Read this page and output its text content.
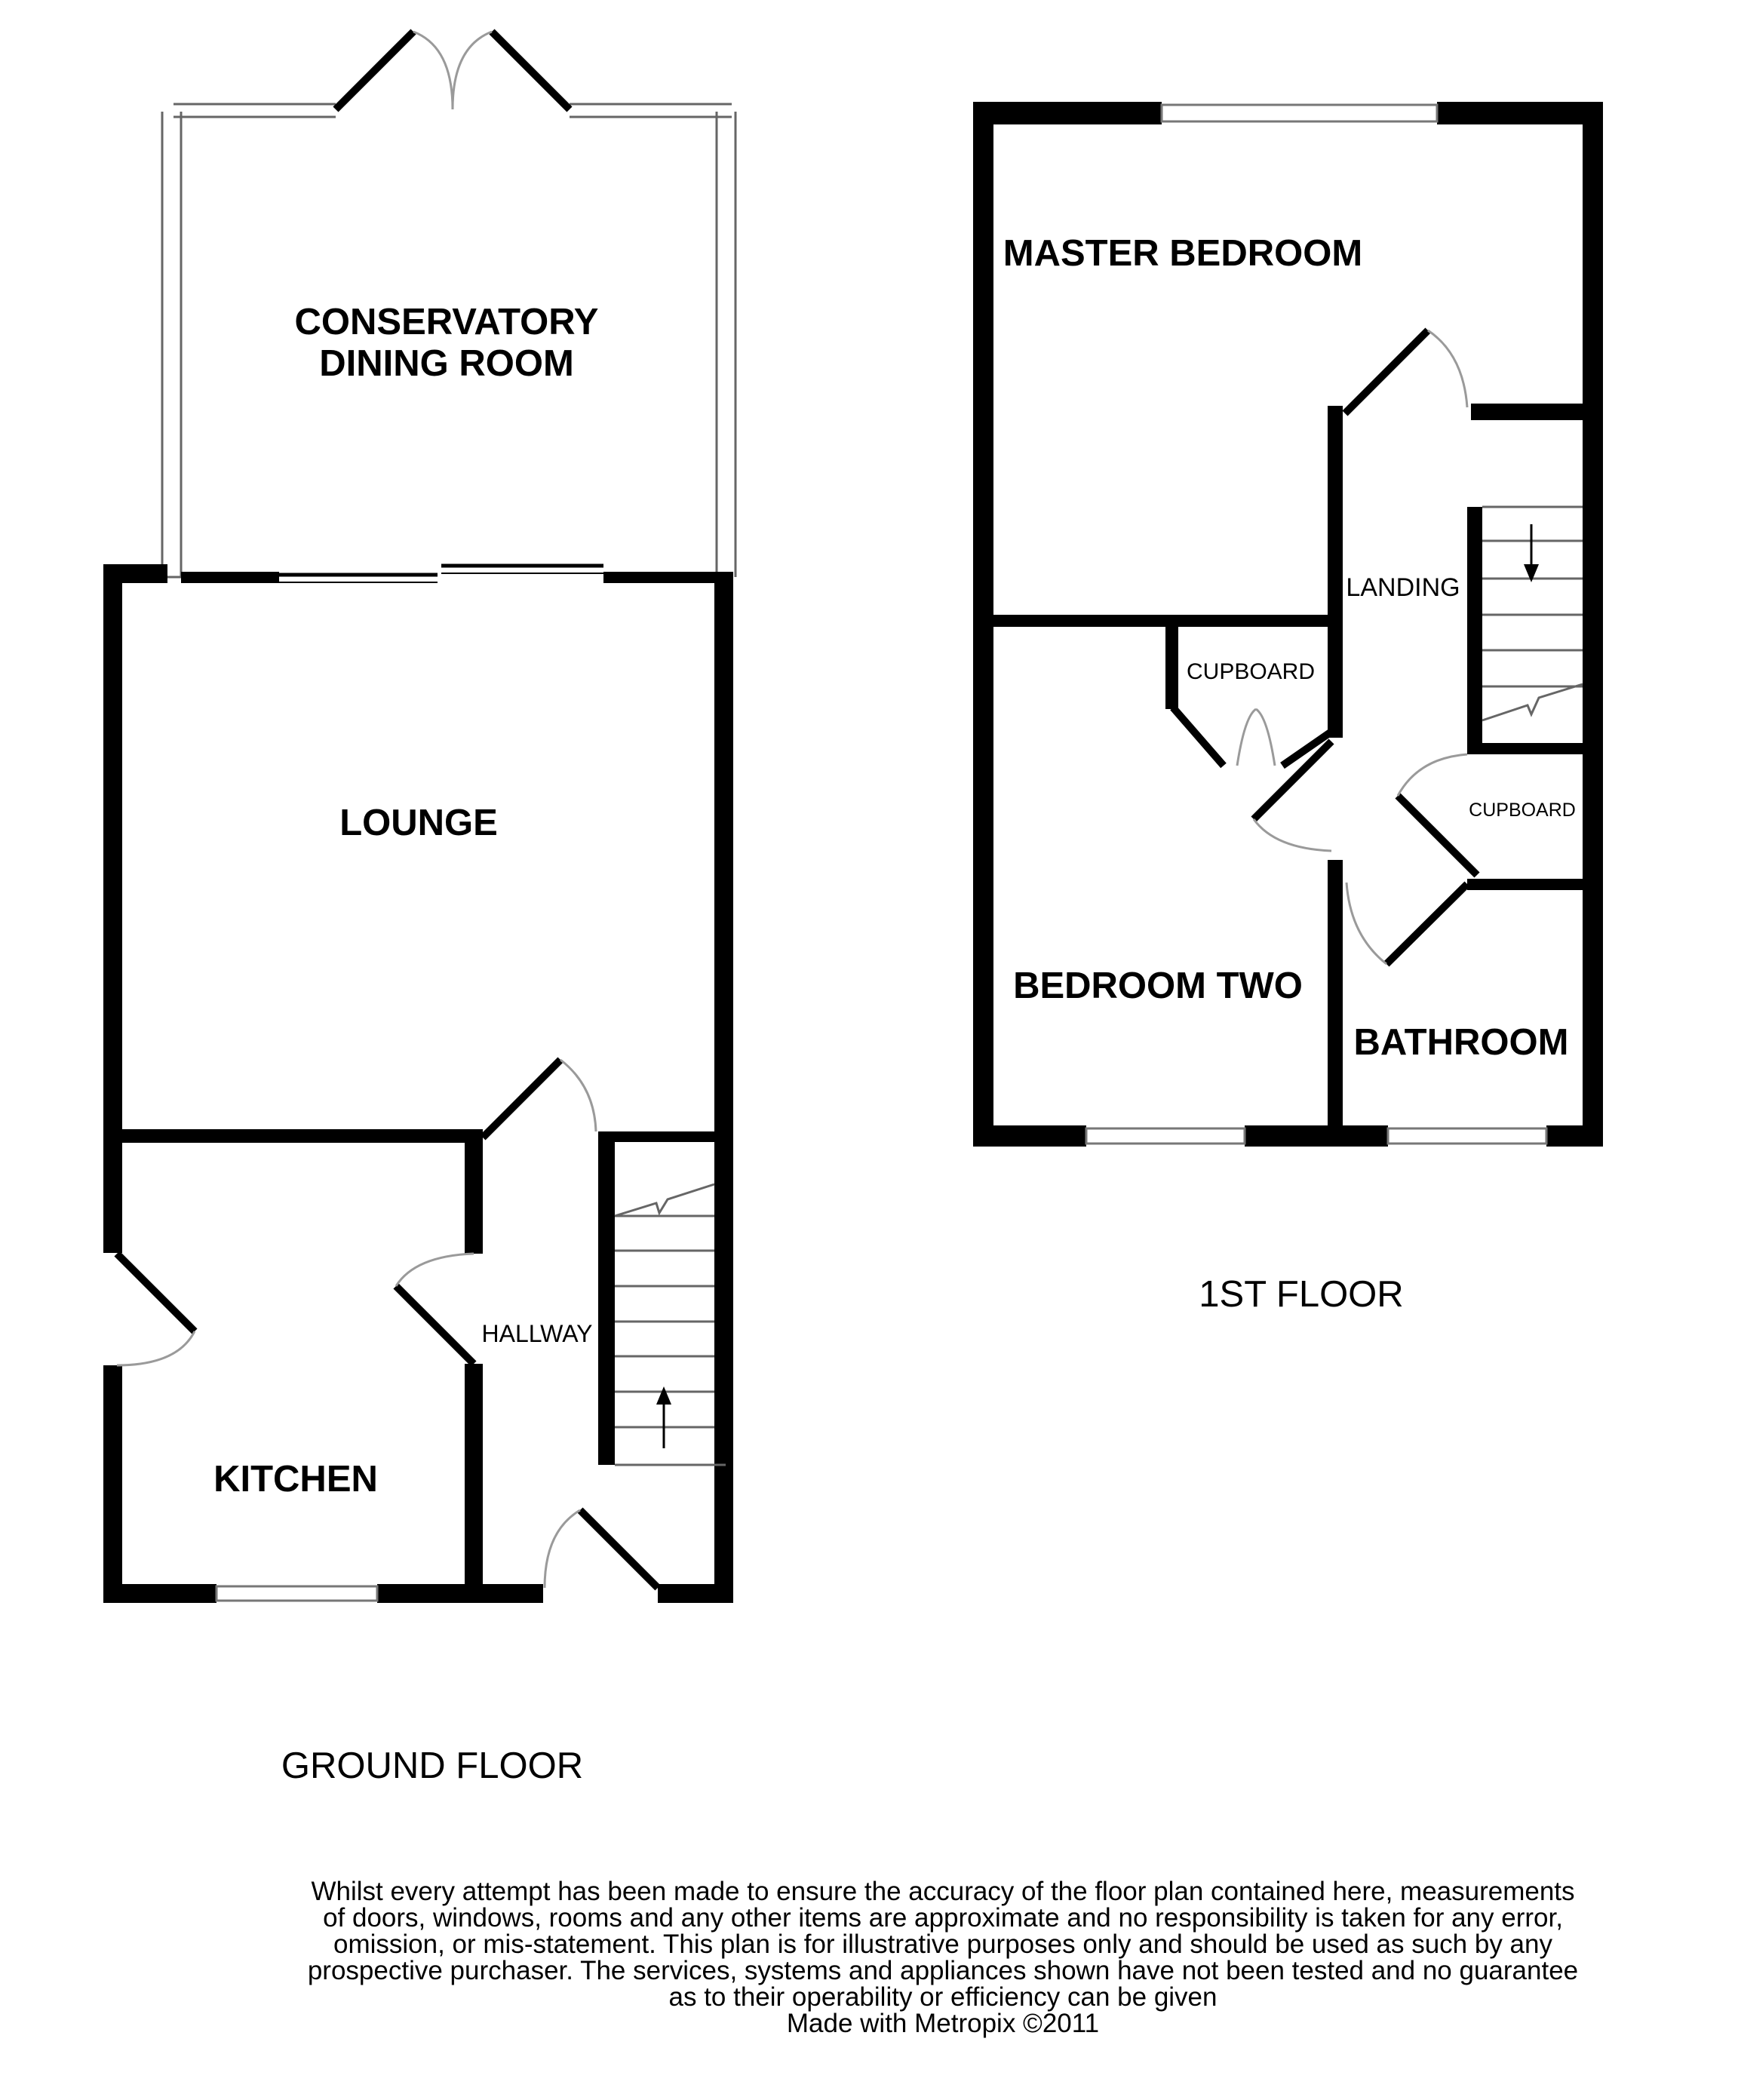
CONSERVATORY
DINING ROOM
LOUNGE
KITCHEN
HALLWAY
GROUND FLOOR
MASTER BEDROOM
LANDING
CUPBOARD
CUPBOARD
BEDROOM TWO
BATHROOM
1ST FLOOR
Whilst every attempt has been made to ensure the accuracy of the floor plan contained here, measurements
of doors, windows, rooms and any other items are approximate and no responsibility is taken for any error,
omission, or mis-statement. This plan is for illustrative purposes only and should be used as such by any
prospective purchaser. The services, systems and appliances shown have not been tested and no guarantee
as to their operability or efficiency can be given
Made with Metropix ©2011
